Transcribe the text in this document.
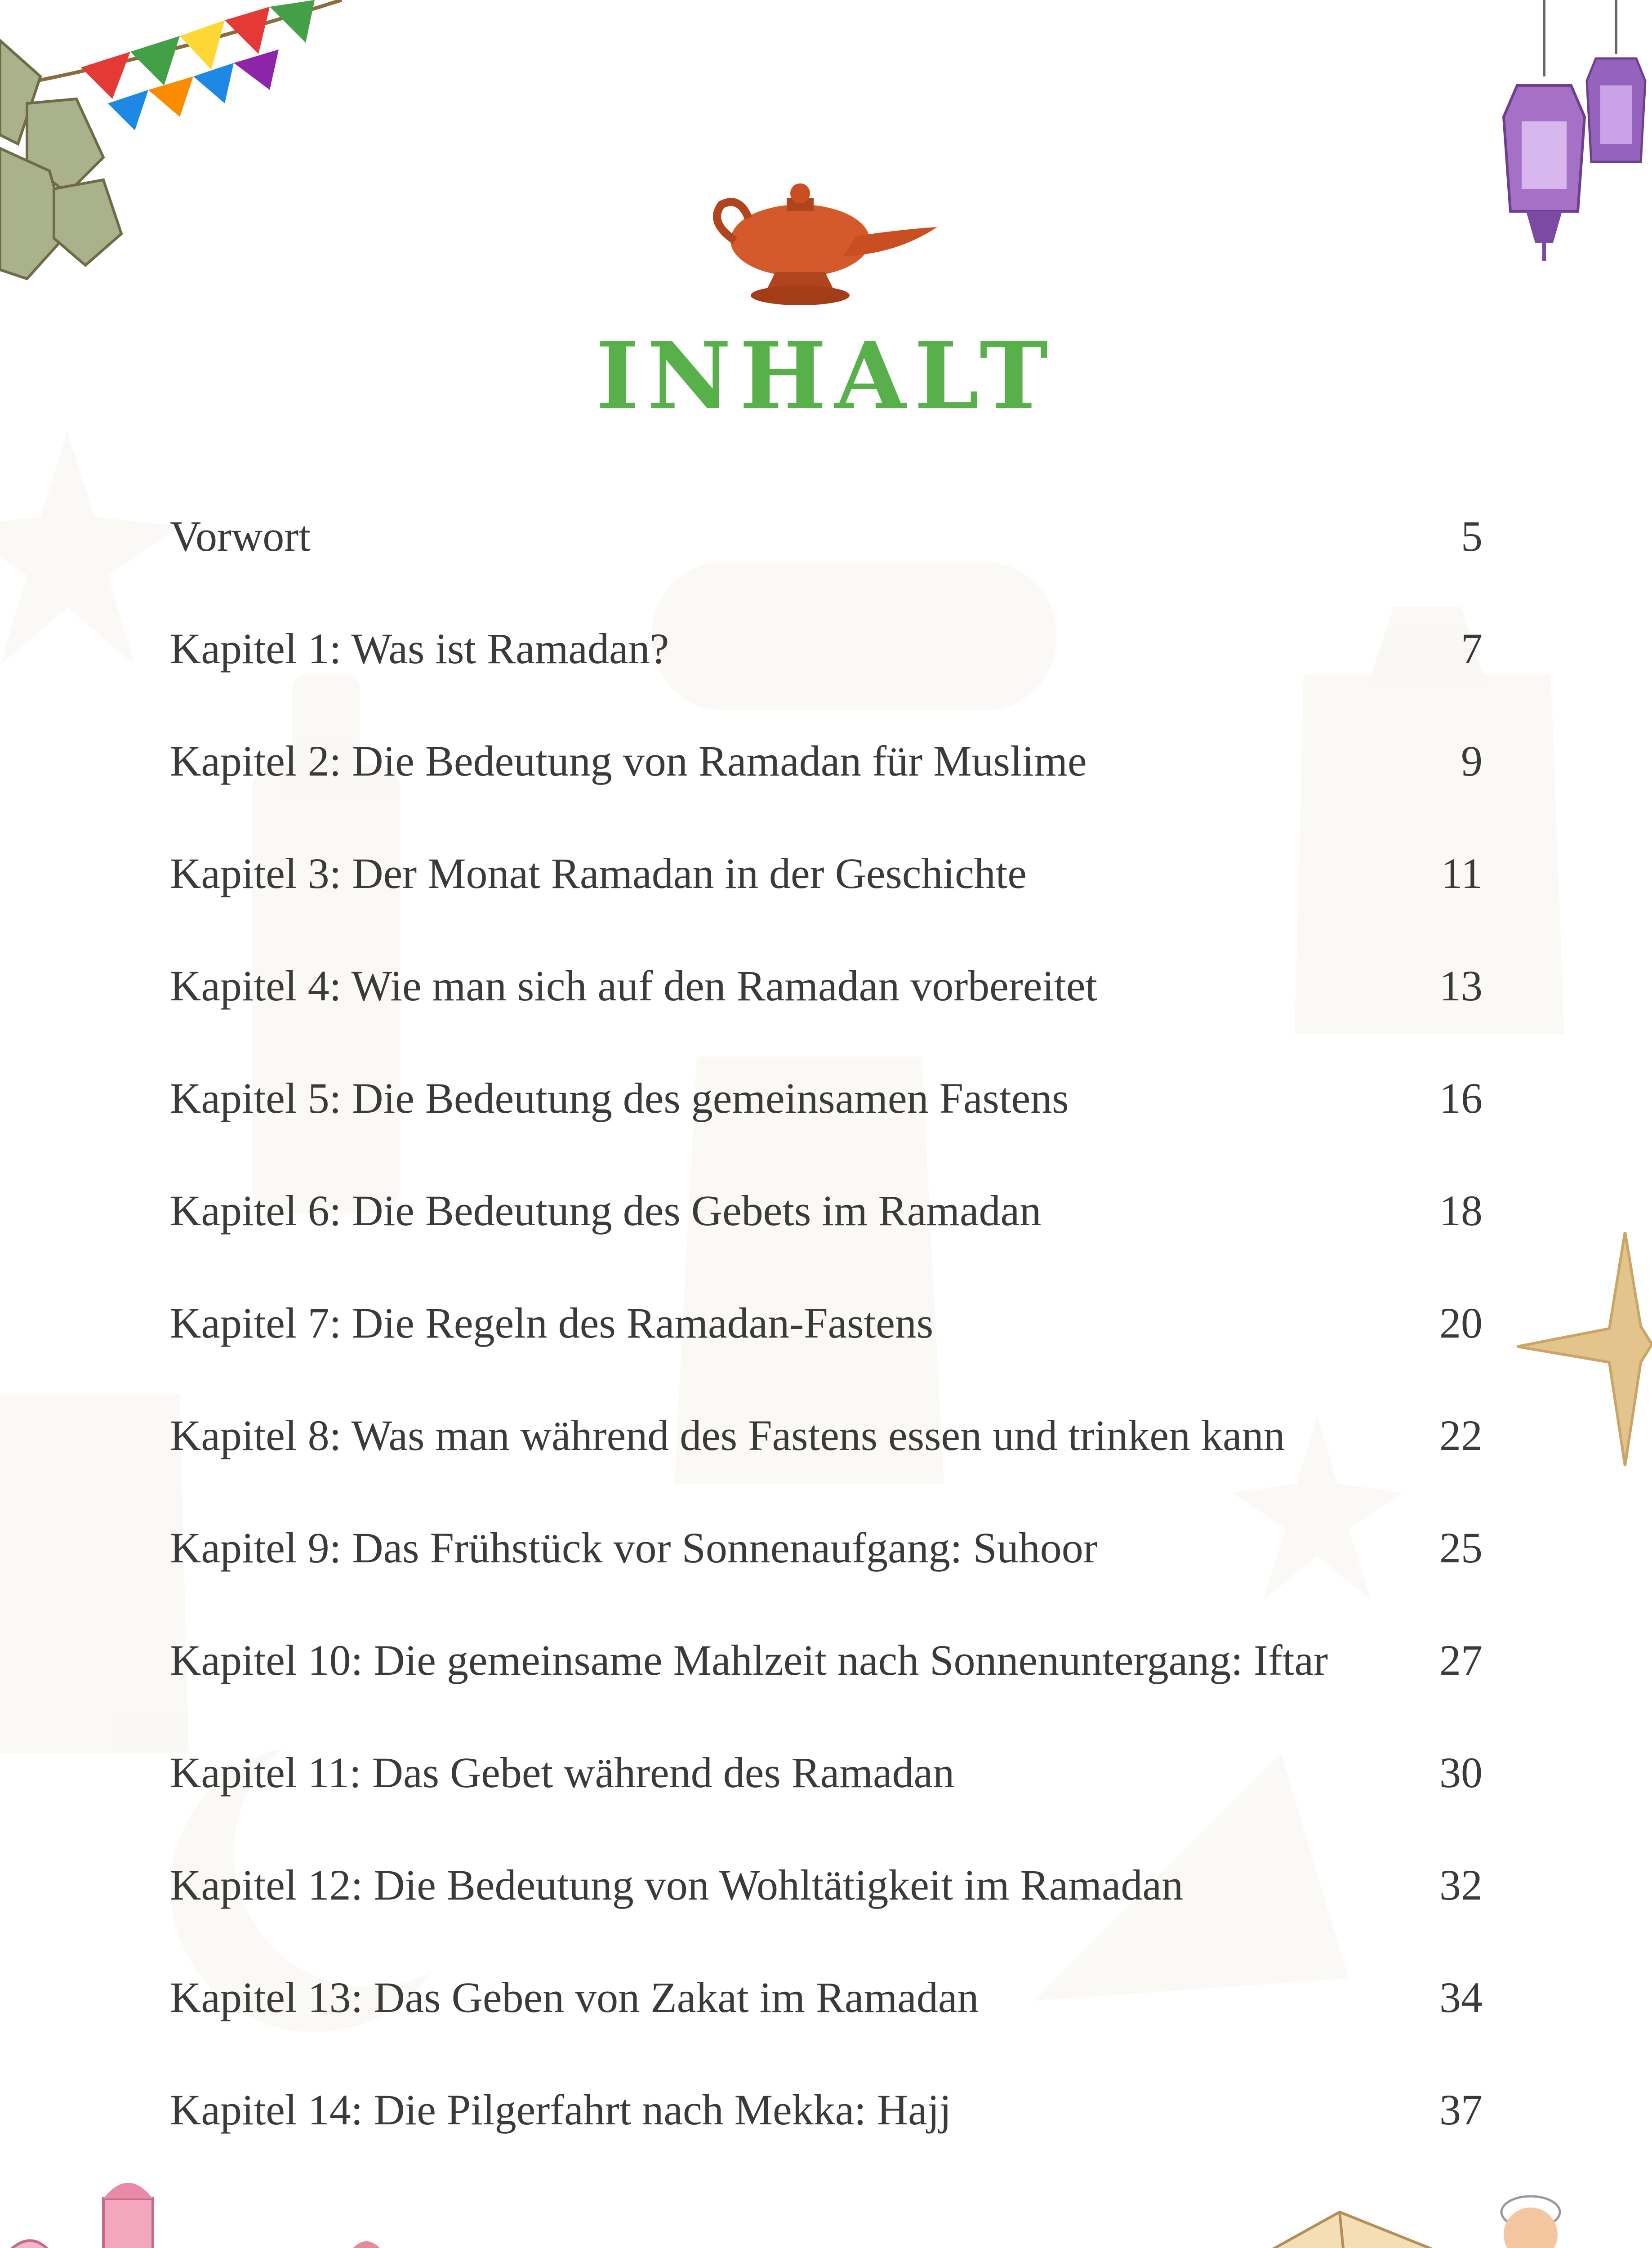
INHALT
Vorwort	5
Kapitel 1: Was ist Ramadan?	7
Kapitel 2: Die Bedeutung von Ramadan für Muslime	9
Kapitel 3: Der Monat Ramadan in der Geschichte	11
Kapitel 4: Wie man sich auf den Ramadan vorbereitet	13
Kapitel 5: Die Bedeutung des gemeinsamen Fastens	16
Kapitel 6: Die Bedeutung des Gebets im Ramadan	18
Kapitel 7: Die Regeln des Ramadan-Fastens	20
Kapitel 8: Was man während des Fastens essen und trinken kann	22
Kapitel 9: Das Frühstück vor Sonnenaufgang: Suhoor	25
Kapitel 10: Die gemeinsame Mahlzeit nach Sonnenuntergang: Iftar	27
Kapitel 11: Das Gebet während des Ramadan	30
Kapitel 12: Die Bedeutung von Wohltätigkeit im Ramadan	32
Kapitel 13: Das Geben von Zakat im Ramadan	34
Kapitel 14: Die Pilgerfahrt nach Mekka: Hajj	37
